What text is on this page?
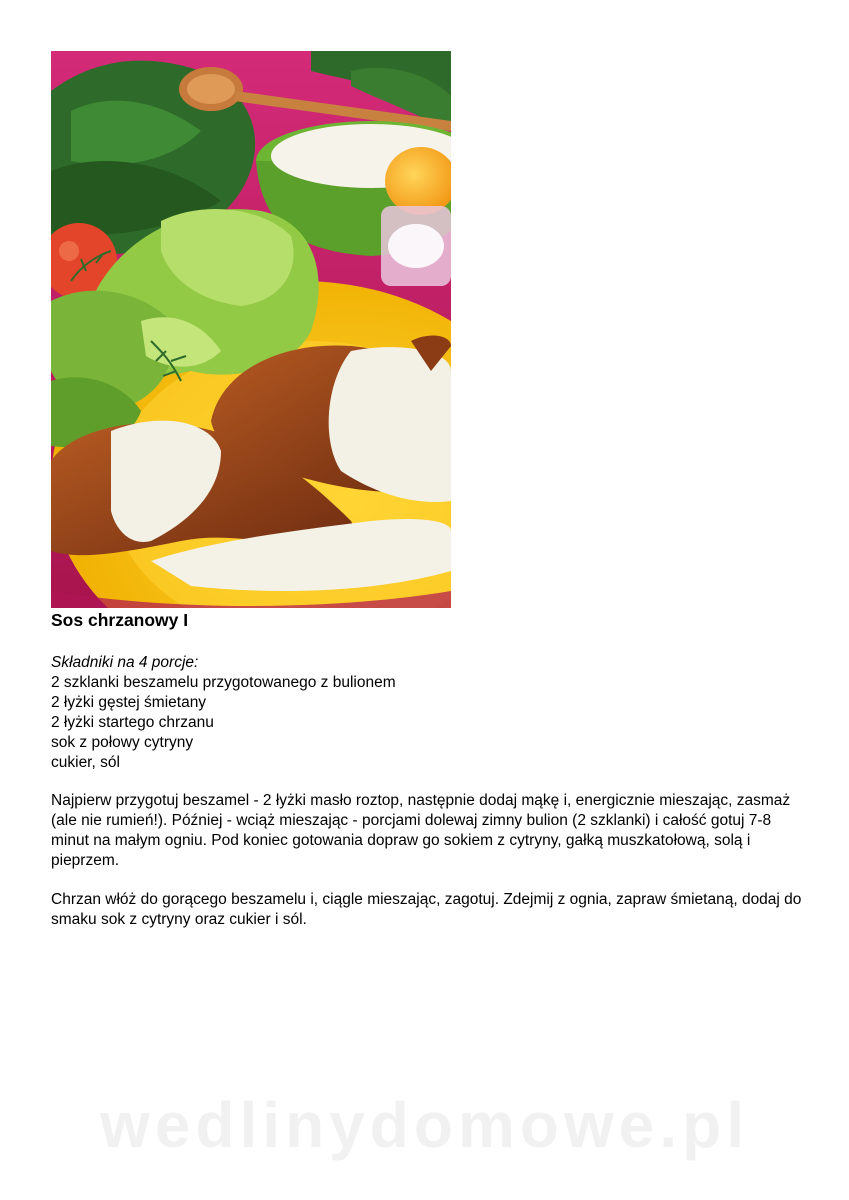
Sos chrzanowy I
Składniki na 4 porcje:
2 szklanki beszamelu przygotowanego z bulionem
2 łyżki gęstej śmietany
2 łyżki startego chrzanu
sok z połowy cytryny
cukier, sól

Najpierw przygotuj beszamel - 2 łyżki masło roztop, następnie dodaj mąkę i, energicznie mieszając, zasmaż (ale nie rumień!). Później - wciąż mieszając - porcjami dolewaj zimny bulion (2 szklanki) i całość gotuj 7-8 minut na małym ogniu. Pod koniec gotowania dopraw go sokiem z cytryny, gałką muszkatołową, solą i pieprzem.

Chrzan włóż do gorącego beszamelu i, ciągle mieszając, zagotuj. Zdejmij z ognia, zapraw śmietaną, dodaj do smaku sok z cytryny oraz cukier i sól.

wedlinydomowe.pl
